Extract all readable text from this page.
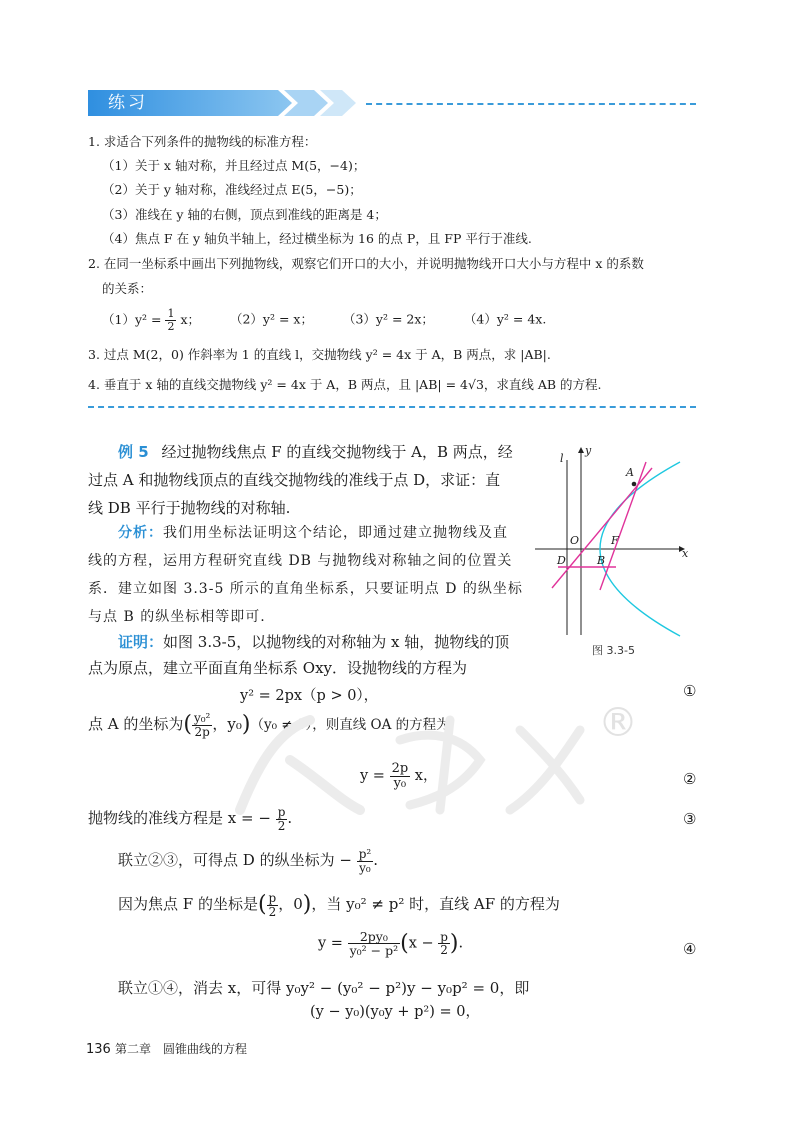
练习
1. 求适合下列条件的抛物线的标准方程：
（1）关于 x 轴对称，并且经过点 M(5，−4)；
（2）关于 y 轴对称，准线经过点 E(5，−5)；
（3）准线在 y 轴的右侧，顶点到准线的距离是 4；
（4）焦点 F 在 y 轴负半轴上，经过横坐标为 16 的点 P，且 FP 平行于准线.
2. 在同一坐标系中画出下列抛物线，观察它们开口的大小，并说明抛物线开口大小与方程中 x 的系数
的关系：
$(1)y^2 = \frac{1}{2}$ x； （2）y² = x； （3）y² = 2x； （4）y² = 4x.
3. 过点 M(2，0) 作斜率为 1 的直线 l，交抛物线 y² = 4x 于 A，B 两点，求 |AB|.
4. 垂直于 x 轴的直线交抛物线 y² = 4x 于 A，B 两点，且 |AB| = 4√3，求直线 AB 的方程.
例 5 经过抛物线焦点 F 的直线交抛物线于 A，B 两点，经
过点 A 和抛物线顶点的直线交抛物线的准线于点 D，求证：直
线 DB 平行于抛物线的对称轴.
分析：我们用坐标法证明这个结论，即通过建立抛物线及直
线的方程，运用方程研究直线 DB 与抛物线对称轴之间的位置关
系．建立如图 3.3-5 所示的直角坐标系，只要证明点 D 的纵坐标
与点 B 的纵坐标相等即可.
证明：如图 3.3-5，以抛物线的对称轴为 x 轴，抛物线的顶
点为原点，建立平面直角坐标系 Oxy．设抛物线的方程为
y² = 2px（p > 0），	①
点 A 的坐标为( $\frac{\text{y₀²}}{2p}$ ，y₀)（y₀ ≠ 0），则直线 OA 的方程为
$y = \frac{2p}{\text{y₀}}$ x，	②
抛物线的准线方程是 x = − $\frac{p}{2}$ .	③
联立②③，可得点 D 的纵坐标为 − $\frac{\text{p²}}{\text{y₀}}$ .
因为焦点 F 的坐标是( $\frac{p}{2}$ ，0)，当 y₀² ≠ p² 时，直线 AF 的方程为
$y = \frac{\text{2py₀}}{\text{y₀² − p²}} (x - \frac{p}{2}$ ).	④
联立①④，消去 x，可得 y₀y² − (y₀² − p²)y − y₀p² = 0，即
(y − y₀)(y₀y + p²) = 0，
®
y
x
l
A
O	F
D	B
图 3.3-5
136 第二章　圆锥曲线的方程
